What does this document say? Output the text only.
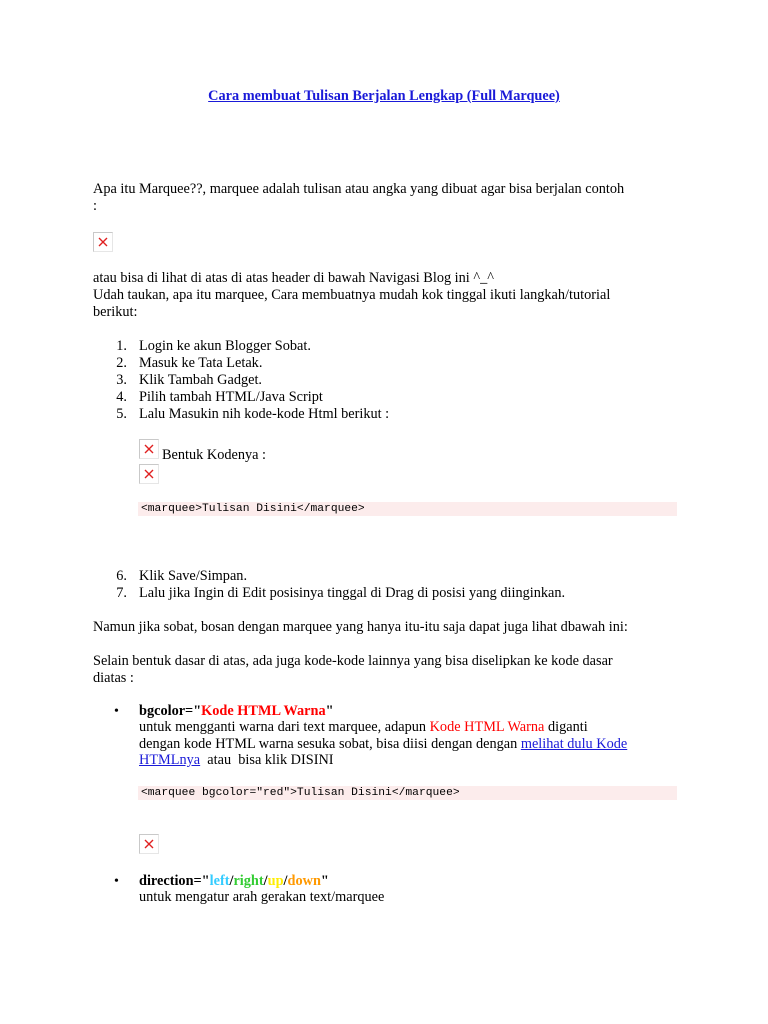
Cara membuat Tulisan Berjalan Lengkap (Full Marquee)
Apa itu Marquee??, marquee adalah tulisan atau angka yang dibuat agar bisa berjalan contoh
:
atau bisa di lihat di atas di atas header di bawah Navigasi Blog ini ^_^
Udah taukan, apa itu marquee, Cara membuatnya mudah kok tinggal ikuti langkah/tutorial
berikut:
1. Login ke akun Blogger Sobat.
2. Masuk ke Tata Letak.
3. Klik Tambah Gadget.
4. Pilih tambah HTML/Java Script
5. Lalu Masukin nih kode-kode Html berikut :
Bentuk Kodenya :
<marquee>Tulisan Disini</marquee>
6. Klik Save/Simpan.
7. Lalu jika Ingin di Edit posisinya tinggal di Drag di posisi yang diinginkan.
Namun jika sobat, bosan dengan marquee yang hanya itu-itu saja dapat juga lihat dbawah ini:
Selain bentuk dasar di atas, ada juga kode-kode lainnya yang bisa diselipkan ke kode dasar
diatas :
• bgcolor="Kode HTML Warna"
untuk mengganti warna dari text marquee, adapun Kode HTML Warna diganti
dengan kode HTML warna sesuka sobat, bisa diisi dengan dengan melihat dulu Kode
HTMLnya  atau  bisa klik DISINI
<marquee bgcolor="red">Tulisan Disini</marquee>
• direction="left/right/up/down"
untuk mengatur arah gerakan text/marquee
